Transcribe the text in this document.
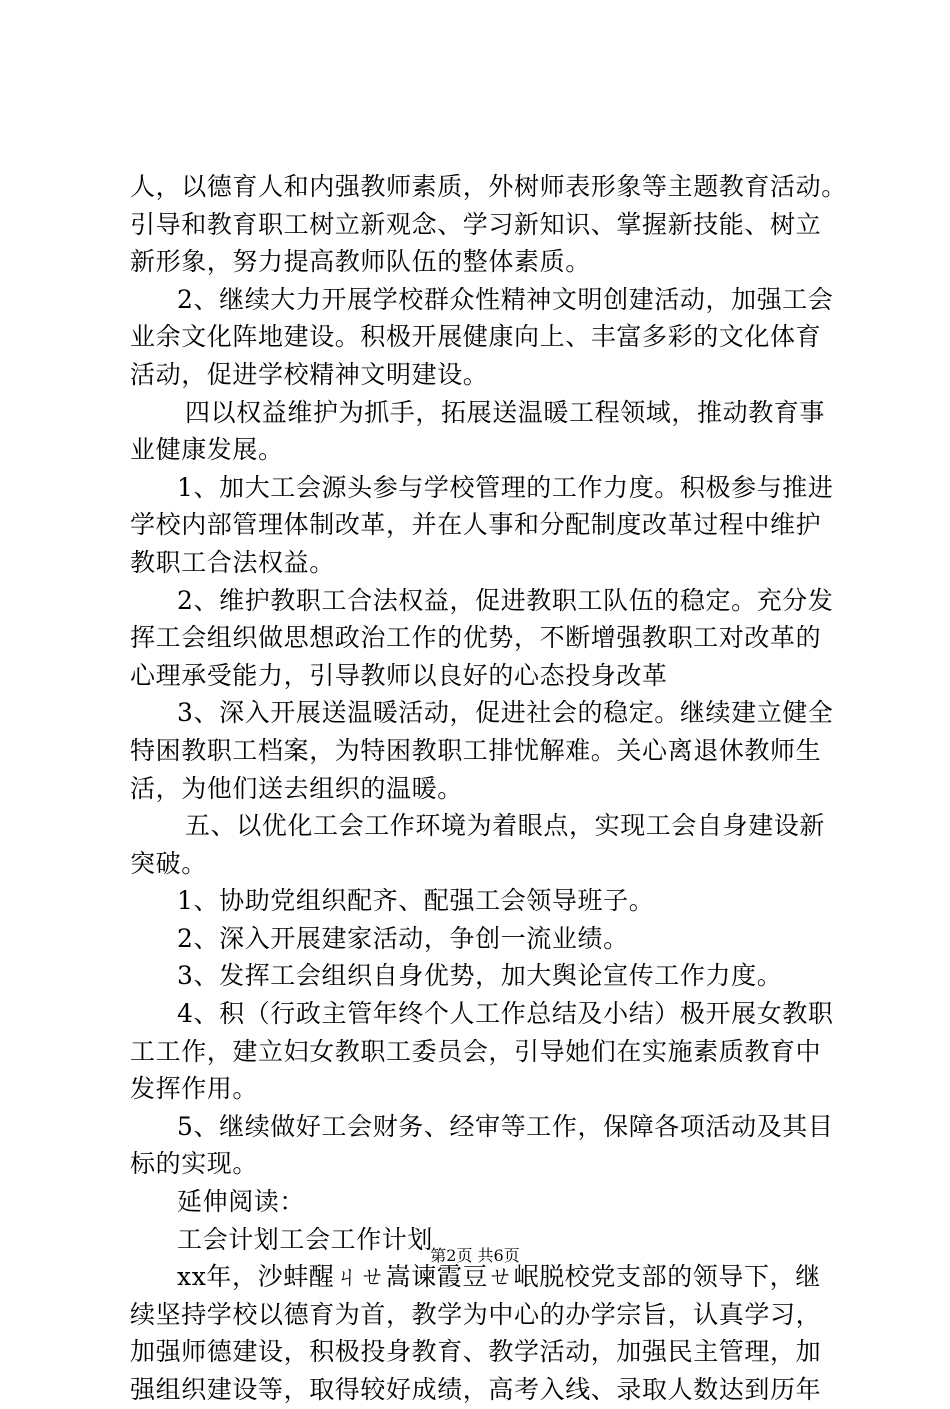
人，以德育人和内强教师素质，外树师表形象等主题教育活动。
引导和教育职工树立新观念、学习新知识、掌握新技能、树立
新形象，努力提高教师队伍的整体素质。
2、继续大力开展学校群众性精神文明创建活动，加强工会
业余文化阵地建设。积极开展健康向上、丰富多彩的文化体育
活动，促进学校精神文明建设。
四以权益维护为抓手，拓展送温暖工程领域，推动教育事
业健康发展。
1、加大工会源头参与学校管理的工作力度。积极参与推进
学校内部管理体制改革，并在人事和分配制度改革过程中维护
教职工合法权益。
2、维护教职工合法权益，促进教职工队伍的稳定。充分发
挥工会组织做思想政治工作的优势，不断增强教职工对改革的
心理承受能力，引导教师以良好的心态投身改革
3、深入开展送温暖活动，促进社会的稳定。继续建立健全
特困教职工档案，为特困教职工排忧解难。关心离退休教师生
活，为他们送去组织的温暖。
五、以优化工会工作环境为着眼点，实现工会自身建设新
突破。
1、协助党组织配齐、配强工会领导班子。
2、深入开展建家活动，争创一流业绩。
3、发挥工会组织自身优势，加大舆论宣传工作力度。
4、积（行政主管年终个人工作总结及小结）极开展女教职
工工作，建立妇女教职工委员会，引导她们在实施素质教育中
发挥作用。
5、继续做好工会财务、经审等工作，保障各项活动及其目
标的实现。
延伸阅读：
工会计划工会工作计划
xx年，沙蚌醒ㄐㄝ嵩谏霞豆ㄝ岷脱校党支部的领导下，继
续坚持学校以德育为首，教学为中心的办学宗旨，认真学习，
加强师德建设，积极投身教育、教学活动，加强民主管理，加
强组织建设等，取得较好成绩，高考入线、录取人数达到历年
第2页 共6页
